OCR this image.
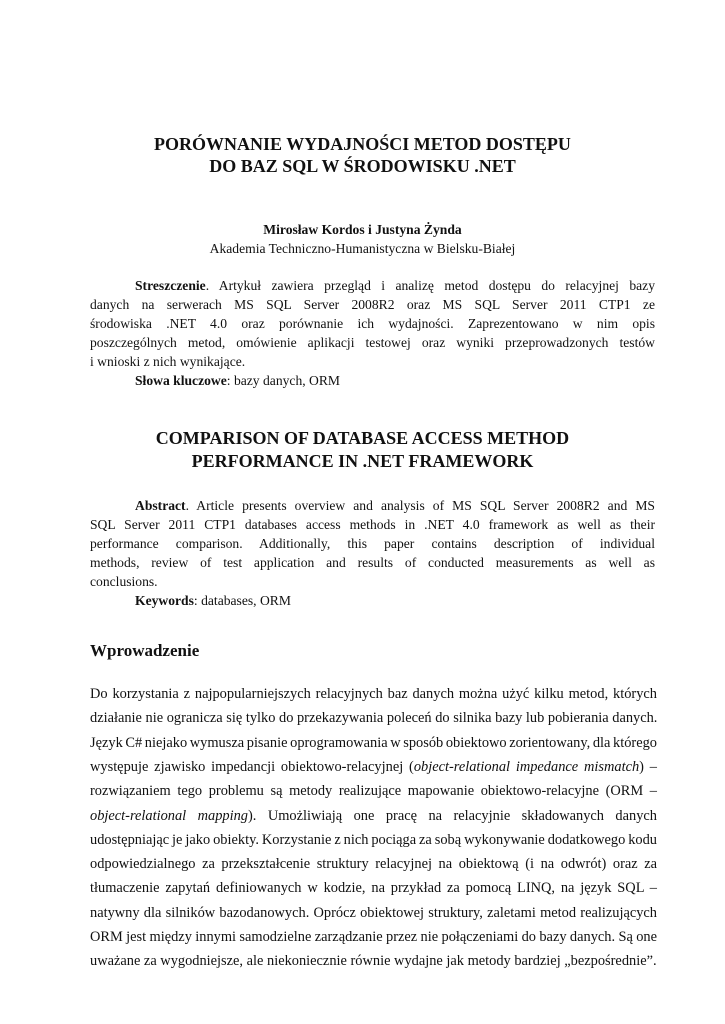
PORÓWNANIE WYDAJNOŚCI METOD DOSTĘPU
DO BAZ SQL W ŚRODOWISKU .NET
Mirosław Kordos i Justyna Żynda
Akademia Techniczno-Humanistyczna w Bielsku-Białej
Streszczenie. Artykuł zawiera przegląd i analizę metod dostępu do relacyjnej bazy
danych na serwerach MS SQL Server 2008R2 oraz MS SQL Server 2011 CTP1 ze
środowiska .NET 4.0 oraz porównanie ich wydajności. Zaprezentowano w nim opis
poszczególnych metod, omówienie aplikacji testowej oraz wyniki przeprowadzonych testów
i wnioski z nich wynikające.
Słowa kluczowe: bazy danych, ORM
COMPARISON OF DATABASE ACCESS METHOD
PERFORMANCE IN .NET FRAMEWORK
Abstract. Article presents overview and analysis of MS SQL Server 2008R2 and MS
SQL Server 2011 CTP1 databases access methods in .NET 4.0 framework as well as their
performance comparison. Additionally, this paper contains description of individual
methods, review of test application and results of conducted measurements as well as
conclusions.
Keywords: databases, ORM
Wprowadzenie
Do korzystania z najpopularniejszych relacyjnych baz danych można użyć kilku metod, których
działanie nie ogranicza się tylko do przekazywania poleceń do silnika bazy lub pobierania danych.
Język C# niejako wymusza pisanie oprogramowania w sposób obiektowo zorientowany, dla którego
występuje zjawisko impedancji obiektowo-relacyjnej (object-relational impedance mismatch) –
rozwiązaniem tego problemu są metody realizujące mapowanie obiektowo-relacyjne (ORM –
object-relational mapping). Umożliwiają one pracę na relacyjnie składowanych danych
udostępniając je jako obiekty. Korzystanie z nich pociąga za sobą wykonywanie dodatkowego kodu
odpowiedzialnego za przekształcenie struktury relacyjnej na obiektową (i na odwrót) oraz za
tłumaczenie zapytań definiowanych w kodzie, na przykład za pomocą LINQ, na język SQL –
natywny dla silników bazodanowych. Oprócz obiektowej struktury, zaletami metod realizujących
ORM jest między innymi samodzielne zarządzanie przez nie połączeniami do bazy danych. Są one
uważane za wygodniejsze, ale niekoniecznie równie wydajne jak metody bardziej „bezpośrednie”.
